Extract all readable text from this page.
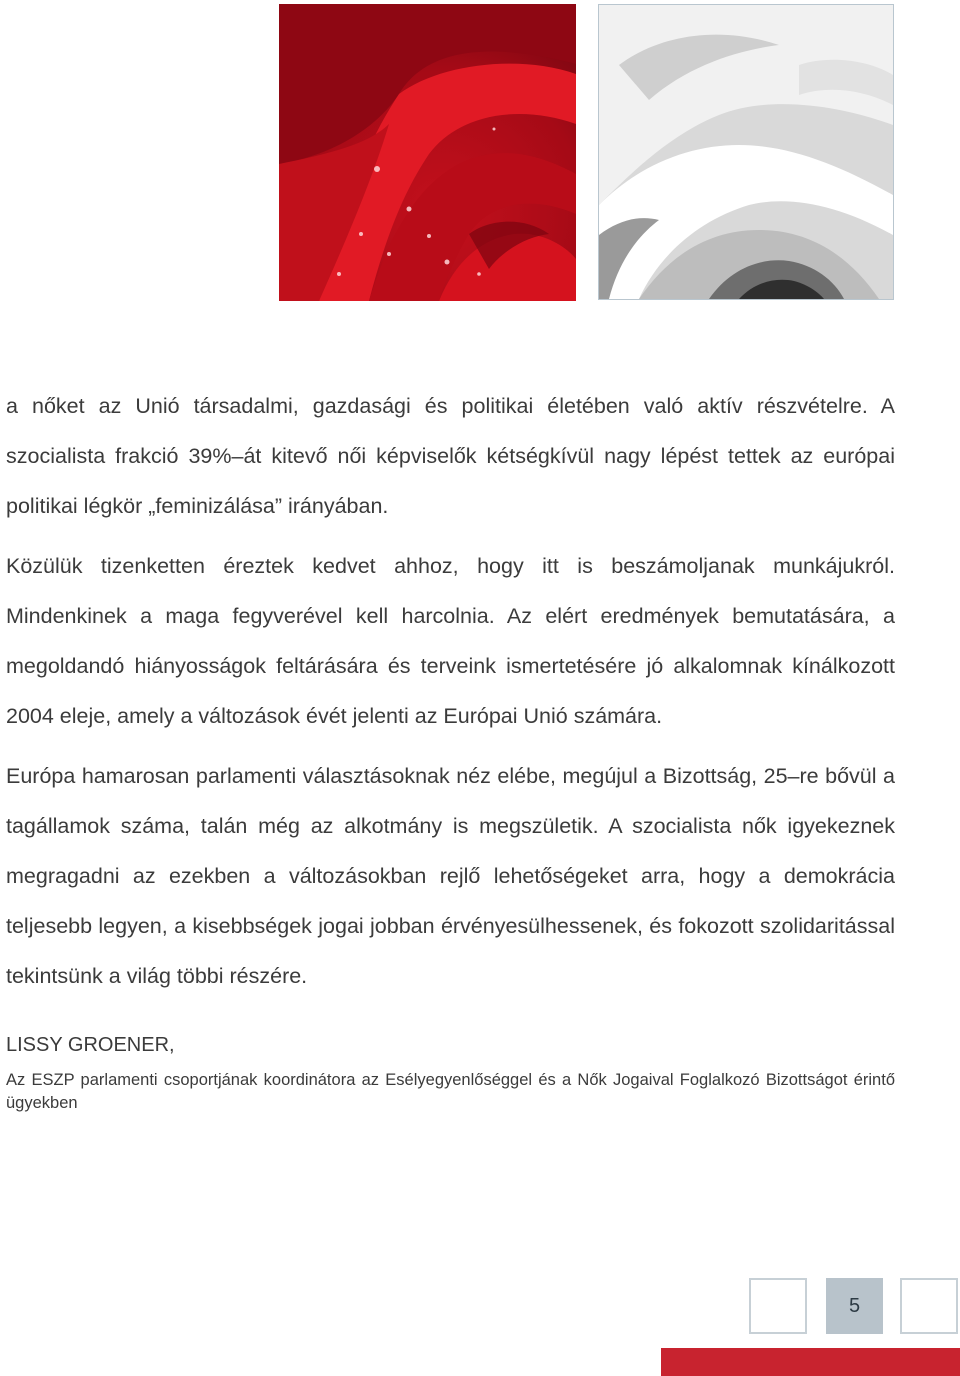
a nőket az Unió társadalmi, gazdasági és politikai életében való aktív részvételre. A szocialista frakció 39%–át kitevő női képviselők kétségkívül nagy lépést tettek az európai politikai légkör „feminizálása” irányában.

Közülük tizenketten éreztek kedvet ahhoz, hogy itt is beszámoljanak munkájukról. Mindenkinek a maga fegyverével kell harcolnia. Az elért eredmények bemutatására, a megoldandó hiányosságok feltárására és terveink ismertetésére jó alkalomnak kínálkozott 2004 eleje, amely a változások évét jelenti az Európai Unió számára.

Európa hamarosan parlamenti választásoknak néz elébe, megújul a Bizottság, 25–re bővül a tagállamok száma, talán még az alkotmány is megszületik. A szocialista nők igyekeznek megragadni az ezekben a változásokban rejlő lehetőségeket arra, hogy a demokrácia teljesebb legyen, a kisebbségek jogai jobban érvényesülhessenek, és fokozott szolidaritással tekintsünk a világ többi részére.

LISSY GROENER,
Az ESZP parlamenti csoportjának koordinátora az Esélyegyenlőséggel és a Nők Jogaival Foglalkozó Bizottságot érintő ügyekben
5
